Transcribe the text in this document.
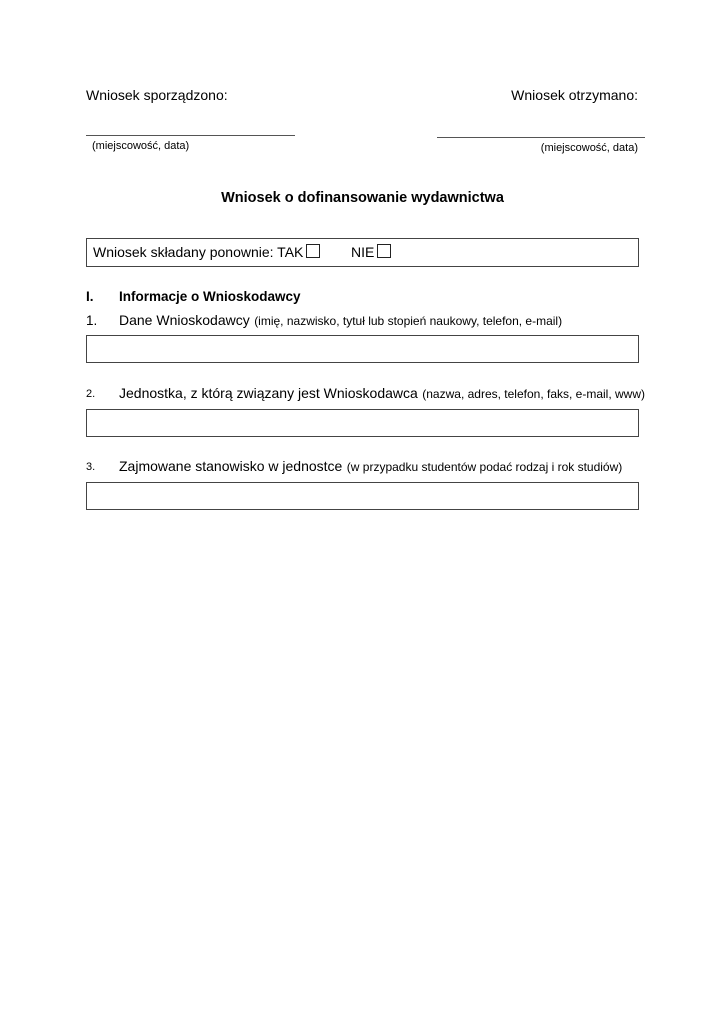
Wniosek sporządzono:	Wniosek otrzymano:
(miejscowość, data)	(miejscowość, data)
Wniosek o dofinansowanie wydawnictwa
Wniosek składany ponownie: TAK	NIE
I. Informacje o Wnioskodawcy
1. Dane Wnioskodawcy (imię, nazwisko, tytuł lub stopień naukowy, telefon, e-mail)
2. Jednostka, z którą związany jest Wnioskodawca (nazwa, adres, telefon, faks, e-mail, www)
3. Zajmowane stanowisko w jednostce (w przypadku studentów podać rodzaj i rok studiów)
